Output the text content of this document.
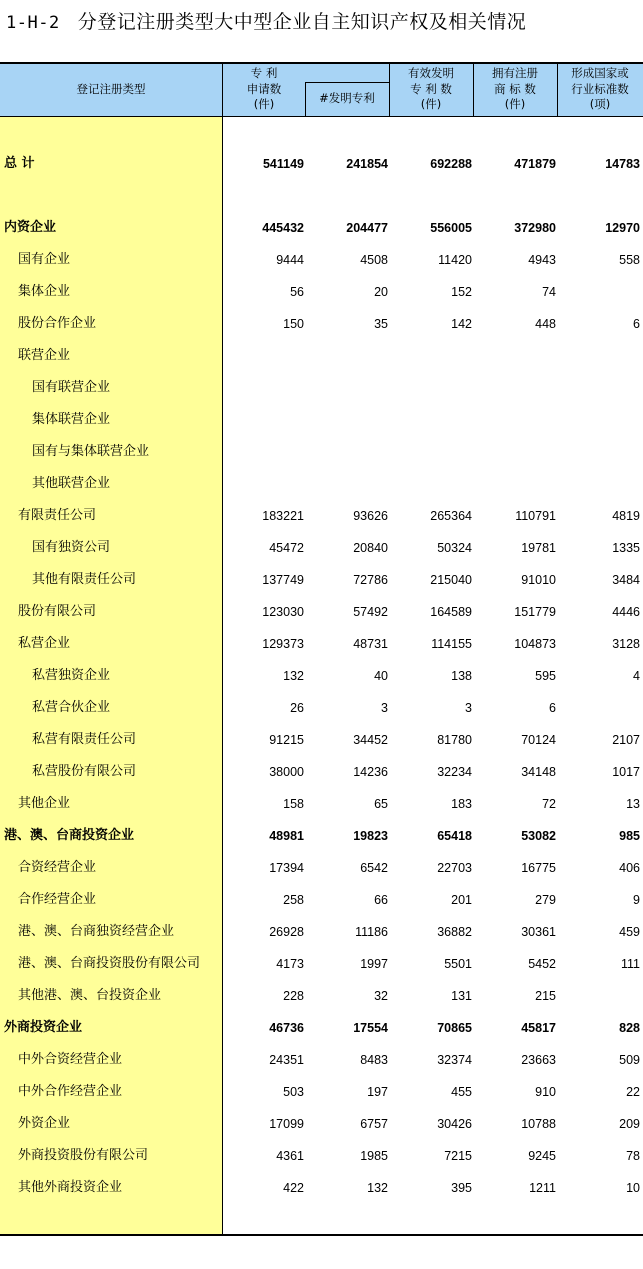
1-H-2 分登记注册类型大中型企业自主知识产权及相关情况
登记注册类型
专 利
申请数
(件)	#发明专利
有效发明
专 利 数
(件)
拥有注册
商 标 数
(件)
形成国家或
行业标准数
(项)
总 计	541149	241854	692288	471879	14783
内资企业	445432	204477	556005	372980	12970
国有企业	9444	4508	11420	4943	558
集体企业	56	20	152	74
股份合作企业	150	35	142	448	6
联营企业
国有联营企业
集体联营企业
国有与集体联营企业
其他联营企业
有限责任公司	183221	93626	265364	110791	4819
国有独资公司	45472	20840	50324	19781	1335
其他有限责任公司	137749	72786	215040	91010	3484
股份有限公司	123030	57492	164589	151779	4446
私营企业	129373	48731	114155	104873	3128
私营独资企业	132	40	138	595	4
私营合伙企业	26	3	3	6
私营有限责任公司	91215	34452	81780	70124	2107
私营股份有限公司	38000	14236	32234	34148	1017
其他企业	158	65	183	72	13
港、澳、台商投资企业	48981	19823	65418	53082	985
合资经营企业	17394	6542	22703	16775	406
合作经营企业	258	66	201	279	9
港、澳、台商独资经营企业	26928	11186	36882	30361	459
港、澳、台商投资股份有限公司	4173	1997	5501	5452	111
其他港、澳、台投资企业	228	32	131	215
外商投资企业	46736	17554	70865	45817	828
中外合资经营企业	24351	8483	32374	23663	509
中外合作经营企业	503	197	455	910	22
外资企业	17099	6757	30426	10788	209
外商投资股份有限公司	4361	1985	7215	9245	78
其他外商投资企业	422	132	395	1211	10
